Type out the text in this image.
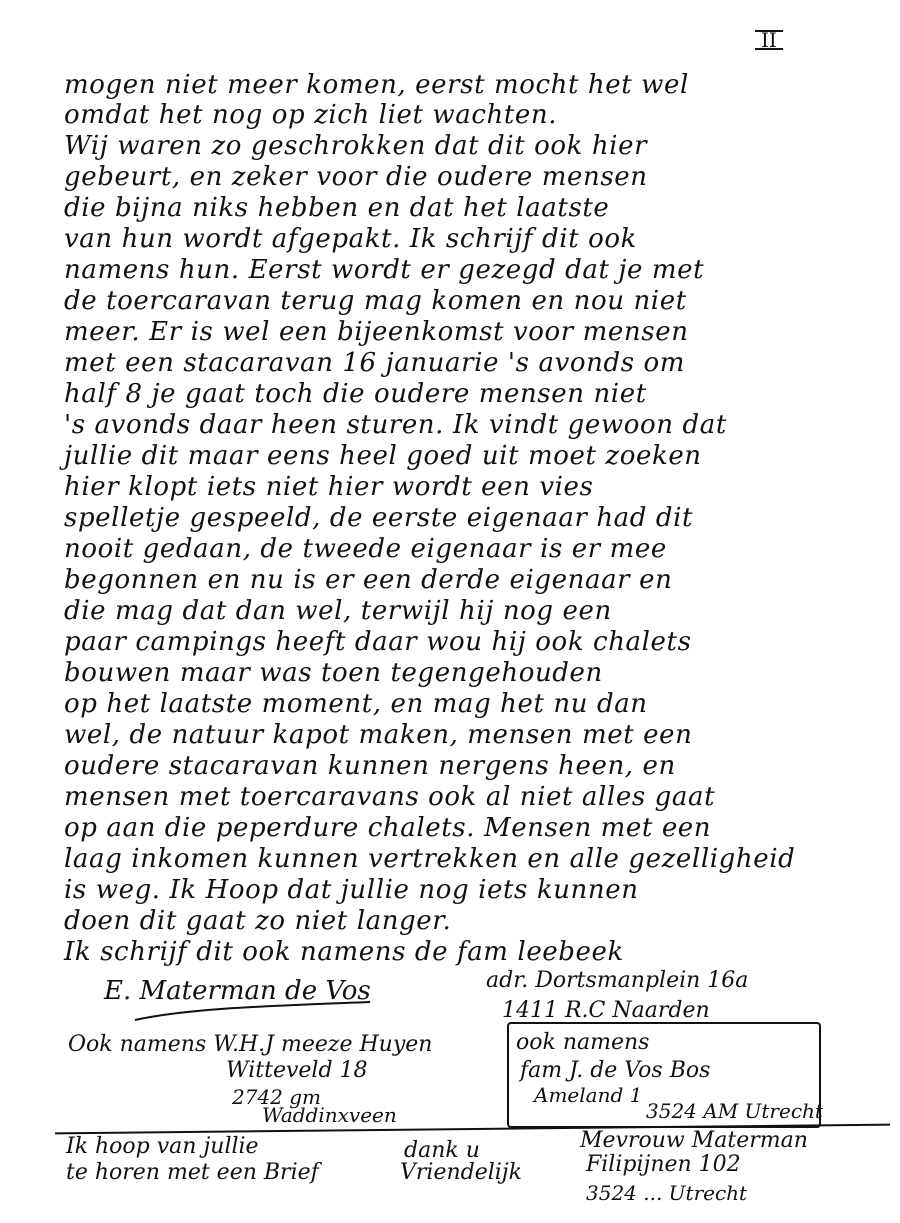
II
mogen niet meer komen, eerst mocht het wel
omdat het nog op zich liet wachten.
Wij waren zo geschrokken dat dit ook hier
gebeurt, en zeker voor die oudere mensen
die bijna niks hebben en dat het laatste
van hun wordt afgepakt. Ik schrijf dit ook
namens hun. Eerst wordt er gezegd dat je met
de toercaravan terug mag komen en nou niet
meer. Er is wel een bijeenkomst voor mensen
met een stacaravan 16 januarie 's avonds om
half 8 je gaat toch die oudere mensen niet
's avonds daar heen sturen. Ik vindt gewoon dat
jullie dit maar eens heel goed uit moet zoeken
hier klopt iets niet hier wordt een vies
spelletje gespeeld, de eerste eigenaar had dit
nooit gedaan, de tweede eigenaar is er mee
begonnen en nu is er een derde eigenaar en
die mag dat dan wel, terwijl hij nog een
paar campings heeft daar wou hij ook chalets
bouwen maar was toen tegengehouden
op het laatste moment, en mag het nu dan
wel, de natuur kapot maken, mensen met een
oudere stacaravan kunnen nergens heen, en
mensen met toercaravans ook al niet alles gaat
op aan die peperdure chalets. Mensen met een
laag inkomen kunnen vertrekken en alle gezelligheid
is weg. Ik Hoop dat jullie nog iets kunnen
doen dit gaat zo niet langer.
Ik schrijf dit ook namens de fam leebeek
E. Materman de Vos	adr. Dortsmanplein 16a
1411 R.C Naarden
Ook namens W.H.J meeze Huyen
Witteveld 18
2742 gm
Waddinxveen
ook namens
fam J. de Vos Bos
Ameland 1
3524 AM Utrecht
Ik hoop van jullie
te horen met een Brief
dank u
Vriendelijk
Mevrouw Materman
Filipijnen 102
3524 ... Utrecht
